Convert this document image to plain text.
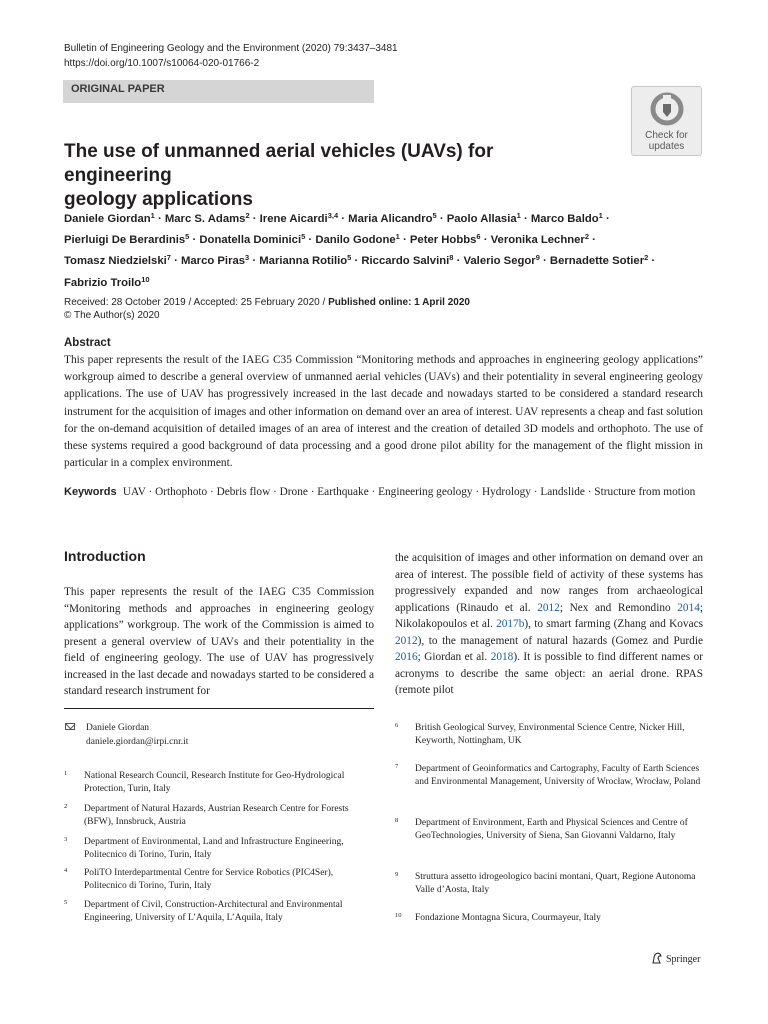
Bulletin of Engineering Geology and the Environment (2020) 79:3437–3481
https://doi.org/10.1007/s10064-020-01766-2
ORIGINAL PAPER
Check for
updates
The use of unmanned aerial vehicles (UAVs) for engineering
geology applications
Daniele Giordan$^1$ · Marc S. Adams$^2$ · Irene Aicardi$^{3,4}$ · Maria Alicandro$^5$ · Paolo Allasia$^1$ · Marco Baldo$^1$ ·
Pierluigi De Berardinis$^5$ · Donatella Dominici$^5$ · Danilo Godone$^1$ · Peter Hobbs$^6$ · Veronika Lechner$^2$ ·
Tomasz Niedzielski$^7$ · Marco Piras$^3$ · Marianna Rotilio$^5$ · Riccardo Salvini$^8$ · Valerio Segor$^9$ · Bernadette Sotier$^2$ ·
Fabrizio Troilo$^{10}$
Received: 28 October 2019 / Accepted: 25 February 2020 / Published online: 1 April 2020
© The Author(s) 2020
Abstract
This paper represents the result of the IAEG C35 Commission “Monitoring methods and approaches in engineering geology applications” workgroup aimed to describe a general overview of unmanned aerial vehicles (UAVs) and their potentiality in several engineering geology applications. The use of UAV has progressively increased in the last decade and nowadays started to be considered a standard research instrument for the acquisition of images and other information on demand over an area of interest. UAV represents a cheap and fast solution for the on-demand acquisition of detailed images of an area of interest and the creation of detailed 3D models and orthophoto. The use of these systems required a good background of data processing and a good drone pilot ability for the management of the flight mission in particular in a complex environment.
Keywords UAV · Orthophoto · Debris flow · Drone · Earthquake · Engineering geology · Hydrology · Landslide · Structure from motion
Introduction
This paper represents the result of the IAEG C35 Commission “Monitoring methods and approaches in engineering geology applications” workgroup. The work of the Commission is aimed to present a general overview of UAVs and their potentiality in the field of engineering geology. The use of UAV has progressively increased in the last decade and nowadays started to be considered a standard research instrument for
the acquisition of images and other information on demand over an area of interest. The possible field of activity of these systems has progressively expanded and now ranges from archaeological applications (Rinaudo et al. 2012; Nex and Remondino 2014; Nikolakopoulos et al. 2017b), to smart farming (Zhang and Kovacs 2012), to the management of natural hazards (Gomez and Purdie 2016; Giordan et al. 2018). It is possible to find different names or acronyms to describe the same object: an aerial drone. RPAS (remote pilot
Daniele Giordan
daniele.giordan@irpi.cnr.it
1 National Research Council, Research Institute for Geo-Hydrological Protection, Turin, Italy
2 Department of Natural Hazards, Austrian Research Centre for Forests (BFW), Innsbruck, Austria
3 Department of Environmental, Land and Infrastructure Engineering, Politecnico di Torino, Turin, Italy
4 PoliTO Interdepartmental Centre for Service Robotics (PIC4Ser), Politecnico di Torino, Turin, Italy
5 Department of Civil, Construction-Architectural and Environmental Engineering, University of L’Aquila, L’Aquila, Italy
6 British Geological Survey, Environmental Science Centre, Nicker Hill, Keyworth, Nottingham, UK
7 Department of Geoinformatics and Cartography, Faculty of Earth Sciences and Environmental Management, University of Wrocław, Wrocław, Poland
8 Department of Environment, Earth and Physical Sciences and Centre of GeoTechnologies, University of Siena, San Giovanni Valdarno, Italy
9 Struttura assetto idrogeologico bacini montani, Quart, Regione Autonoma Valle d’Aosta, Italy
10 Fondazione Montagna Sicura, Courmayeur, Italy
Springer
